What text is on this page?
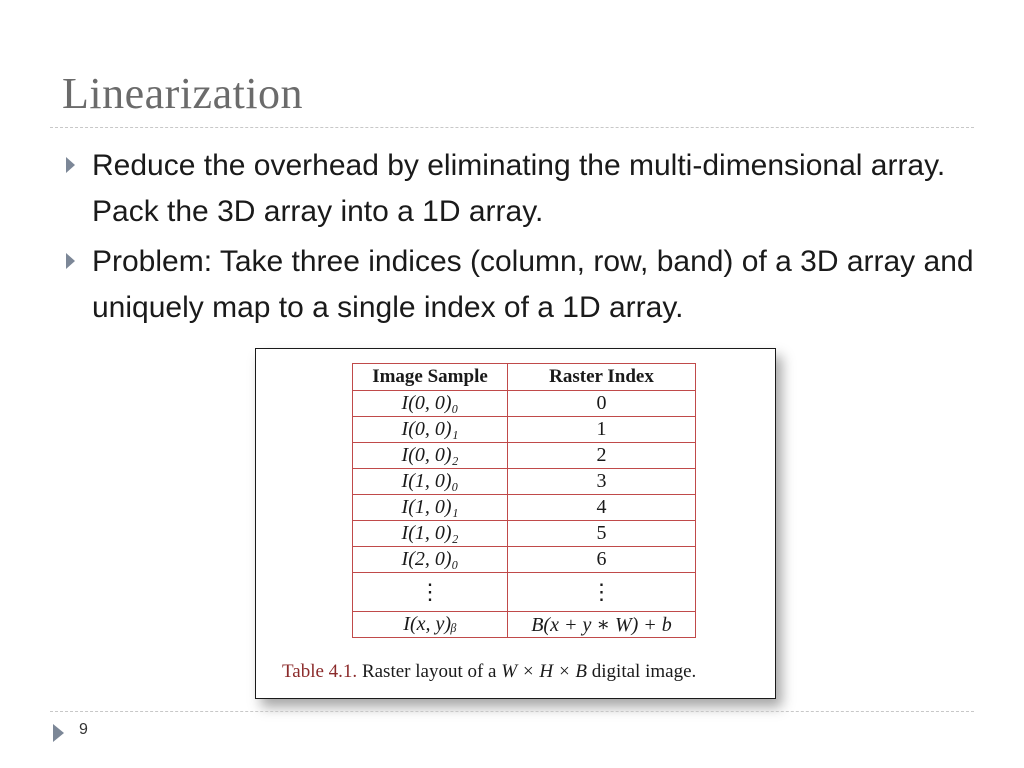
Linearization
Reduce the overhead by eliminating the multi-dimensional array. Pack the 3D array into a 1D array.
Problem: Take three indices (column, row, band) of a 3D array and uniquely map to a single index of a 1D array.
Image Sample	Raster Index
I(0, 0)₀	0
I(0, 0)₁	1
I(0, 0)₂	2
I(1, 0)₀	3
I(1, 0)₁	4
I(1, 0)₂	5
I(2, 0)₀	6
⋮	⋮
I(x, y)ᵦ	B(x + y ∗ W) + b
Table 4.1. Raster layout of a W × H × B digital image.
9
